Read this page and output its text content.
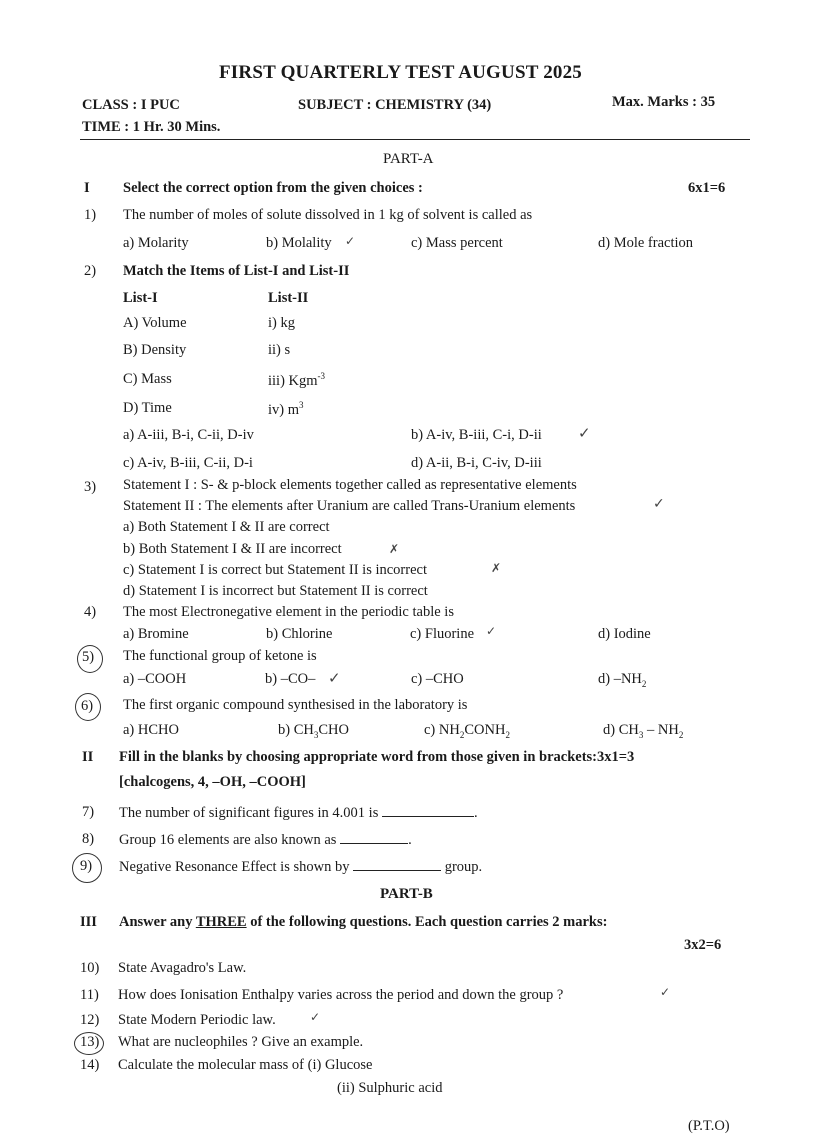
FIRST QUARTERLY TEST AUGUST 2025
CLASS : I PUC	SUBJECT : CHEMISTRY (34)	Max. Marks : 35
TIME : 1 Hr. 30 Mins.
PART-A
I Select the correct option from the given choices :	6x1=6
1) The number of moles of solute dissolved in 1 kg of solvent is called as
a) Molarity	b) Molality ✓	c) Mass percent	d) Mole fraction
2) Match the Items of List-I and List-II
List-I	List-II
A) Volume	i) kg
B) Density	ii) s
C) Mass	iii) Kgm$^{-3}$
D) Time	iv) $m^3$
a) A-iii, B-i, C-ii, D-iv	b) A-iv, B-iii, C-i, D-ii ✓
c) A-iv, B-iii, C-ii, D-i	d) A-ii, B-i, C-iv, D-iii
3) Statement I : S- & p-block elements together called as representative elements
Statement II : The elements after Uranium are called Trans-Uranium elements	✓
a) Both Statement I & II are correct
b) Both Statement I & II are incorrect	✗
c) Statement I is correct but Statement II is incorrect	✗
d) Statement I is incorrect but Statement II is correct
4) The most Electronegative element in the periodic table is
a) Bromine	b) Chlorine	c) Fluorine ✓	d) Iodine
5) The functional group of ketone is
a) –COOH	b) –CO– ✓	c) –CHO	d) $-NH_2$
6) The first organic compound synthesised in the laboratory is
a) HCHO	b) $CH_3CHO$	c) $NH_2CONH_2$	d) $CH_3 - NH_2$
II Fill in the blanks by choosing appropriate word from those given in brackets:3x1=3
[chalcogens, 4, –OH, –COOH]
7) The number of significant figures in 4.001 is	.
8) Group 16 elements are also known as	.
9) Negative Resonance Effect is shown by	group.
PART-B
III Answer any THREE of the following questions. Each question carries 2 marks:
3x2=6
10) State Avagadro's Law.
11) How does Ionisation Enthalpy varies across the period and down the group ?	✓
12) State Modern Periodic law.	✓
13) What are nucleophiles ? Give an example.
14) Calculate the molecular mass of (i) Glucose
(ii) Sulphuric acid
(P.T.O)
